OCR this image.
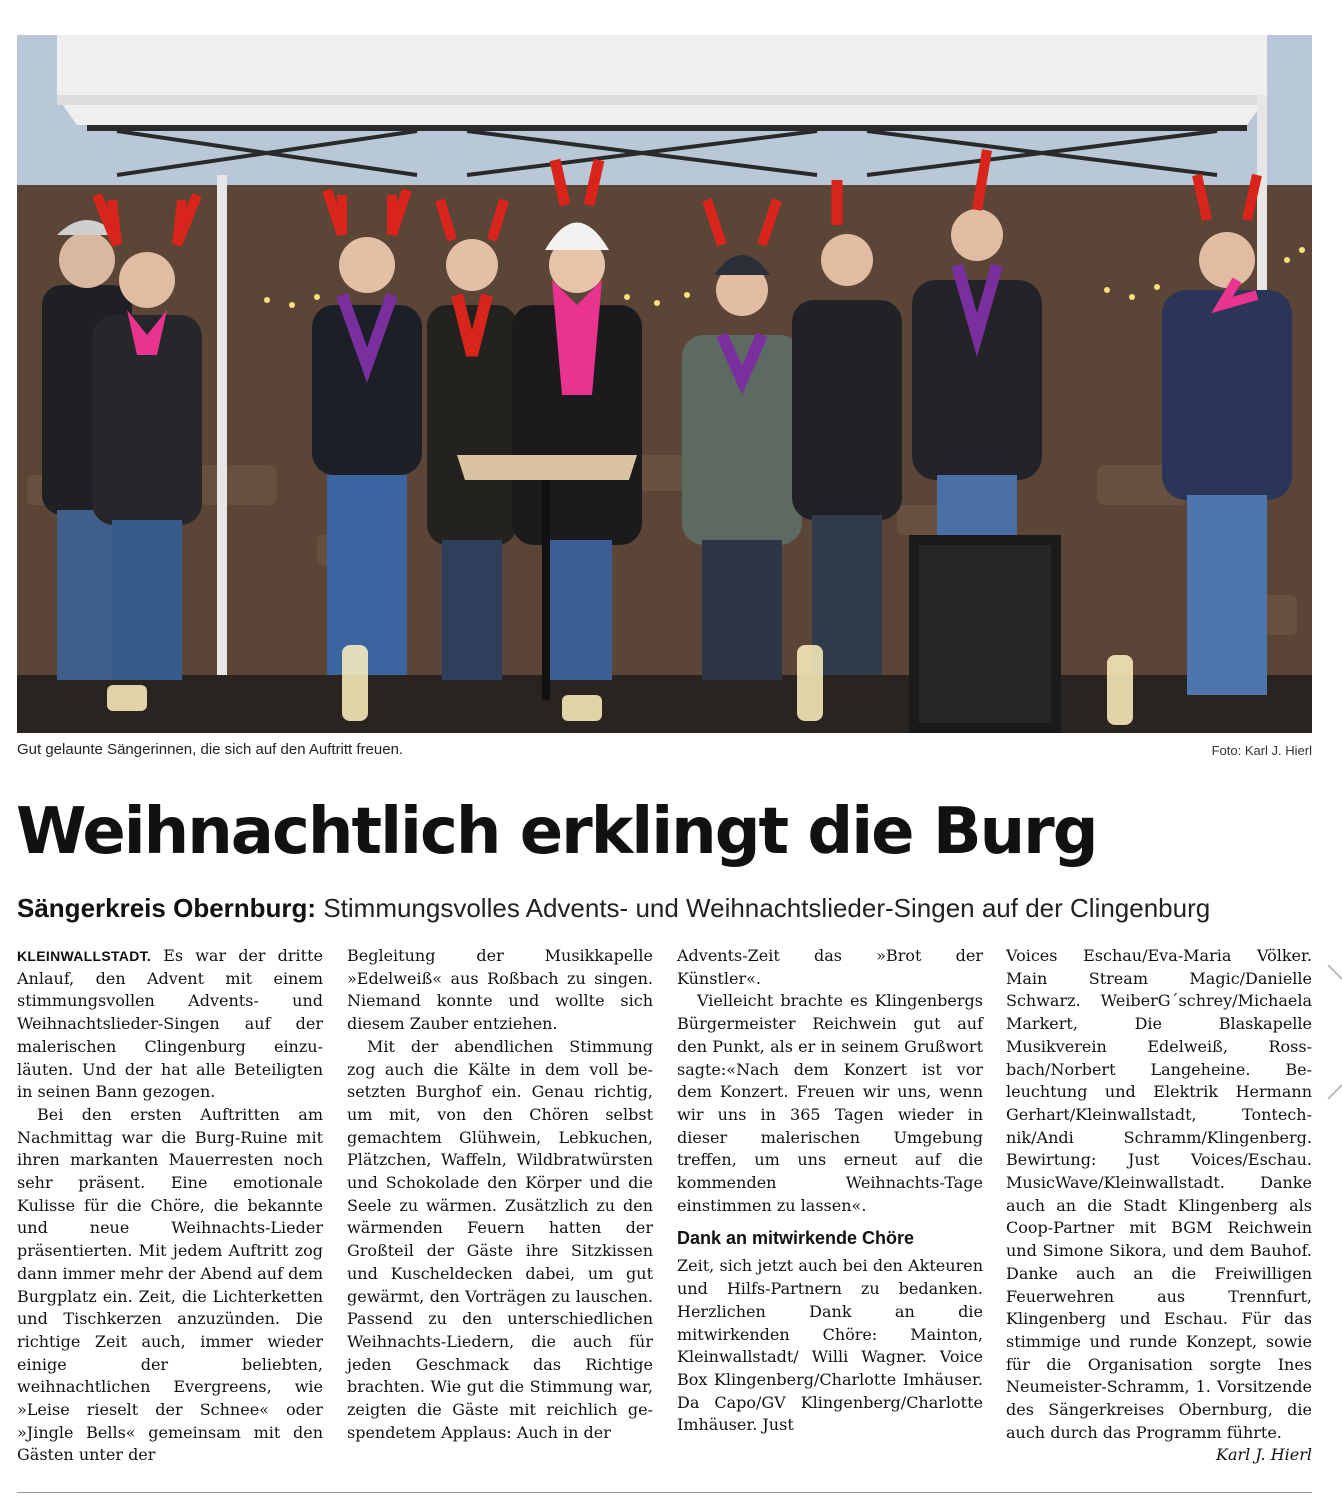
Gut gelaunte Sängerinnen, die sich auf den Auftritt freuen.	Foto: Karl J. Hierl
Weihnachtlich erklingt die Burg
Sängerkreis Obernburg: Stimmungsvolles Advents- und Weihnachtslieder-Singen auf der Clingenburg

KLEINWALLSTADT. Es war der dritte Anlauf, den Advent mit einem stimmungsvollen Advents- und Weihnachtslieder-Singen auf der malerischen Clingenburg einzuläuten. Und der hat alle Beteiligten in seinen Bann gezogen.

Bei den ersten Auftritten am Nachmittag war die Burg-Ruine mit ihren markanten Mauerresten noch sehr präsent. Eine emotionale Kulisse für die Chöre, die bekannte und neue Weihnachts-Lieder präsentierten. Mit jedem Auftritt zog dann immer mehr der Abend auf dem Burgplatz ein. Zeit, die Lichterketten und Tischkerzen anzuzünden. Die richtige Zeit auch, immer wieder einige der beliebten, weihnachtlichen Evergreens, wie »Leise rieselt der Schnee« oder »Jingle Bells« gemeinsam mit den Gästen unter der

Begleitung der Musikkapelle »Edelweiß« aus Roßbach zu singen. Niemand konnte und wollte sich diesem Zauber entziehen.

Mit der abendlichen Stimmung zog auch die Kälte in dem voll besetzten Burghof ein. Genau richtig, um mit, von den Chören selbst gemachtem Glühwein, Lebkuchen, Plätzchen, Waffeln, Wildbratwürsten und Schokolade den Körper und die Seele zu wärmen. Zusätzlich zu den wärmenden Feuern hatten der Großteil der Gäste ihre Sitzkissen und Kuscheldecken dabei, um gut gewärmt, den Vorträgen zu lauschen. Passend zu den unterschiedlichen Weihnachts-Liedern, die auch für jeden Geschmack das Richtige brachten. Wie gut die Stimmung war, zeigten die Gäste mit reichlich gespendetem Applaus: Auch in der

Advents-Zeit das »Brot der Künstler«.

Vielleicht brachte es Klingenbergs Bürgermeister Reichwein gut auf den Punkt, als er in seinem Grußwort sagte:«Nach dem Konzert ist vor dem Konzert. Freuen wir uns, wenn wir uns in 365 Tagen wieder in dieser malerischen Umgebung treffen, um uns erneut auf die kommenden Weihnachts-Tage einstimmen zu lassen«.

Dank an mitwirkende Chöre

Zeit, sich jetzt auch bei den Akteuren und Hilfs-Partnern zu bedanken. Herzlichen Dank an die mitwirkenden Chöre: Mainton, Kleinwallstadt/ Willi Wagner. Voice Box Klingenberg/Charlotte Imhäuser. Da Capo/GV Klingenberg/Charlotte Imhäuser. Just

Voices Eschau/Eva-Maria Völker. Main Stream Magic/Danielle Schwarz. WeiberG´schrey/Michaela Markert, Die Blaskapelle Musikverein Edelweiß, Rossbach/Norbert Langeheine. Beleuchtung und Elektrik Hermann Gerhart/Kleinwallstadt, Tontechnik/Andi Schramm/Klingenberg. Bewirtung: Just Voices/Eschau. MusicWave/Kleinwallstadt. Danke auch an die Stadt Klingenberg als Coop-Partner mit BGM Reichwein und Simone Sikora, und dem Bauhof. Danke auch an die Freiwilligen Feuerwehren aus Trennfurt, Klingenberg und Eschau. Für das stimmige und runde Konzept, sowie für die Organisation sorgte Ines Neumeister-Schramm, 1. Vorsitzende des Sängerkreises Obernburg, die auch durch das Programm führte.
Karl J. Hierl
